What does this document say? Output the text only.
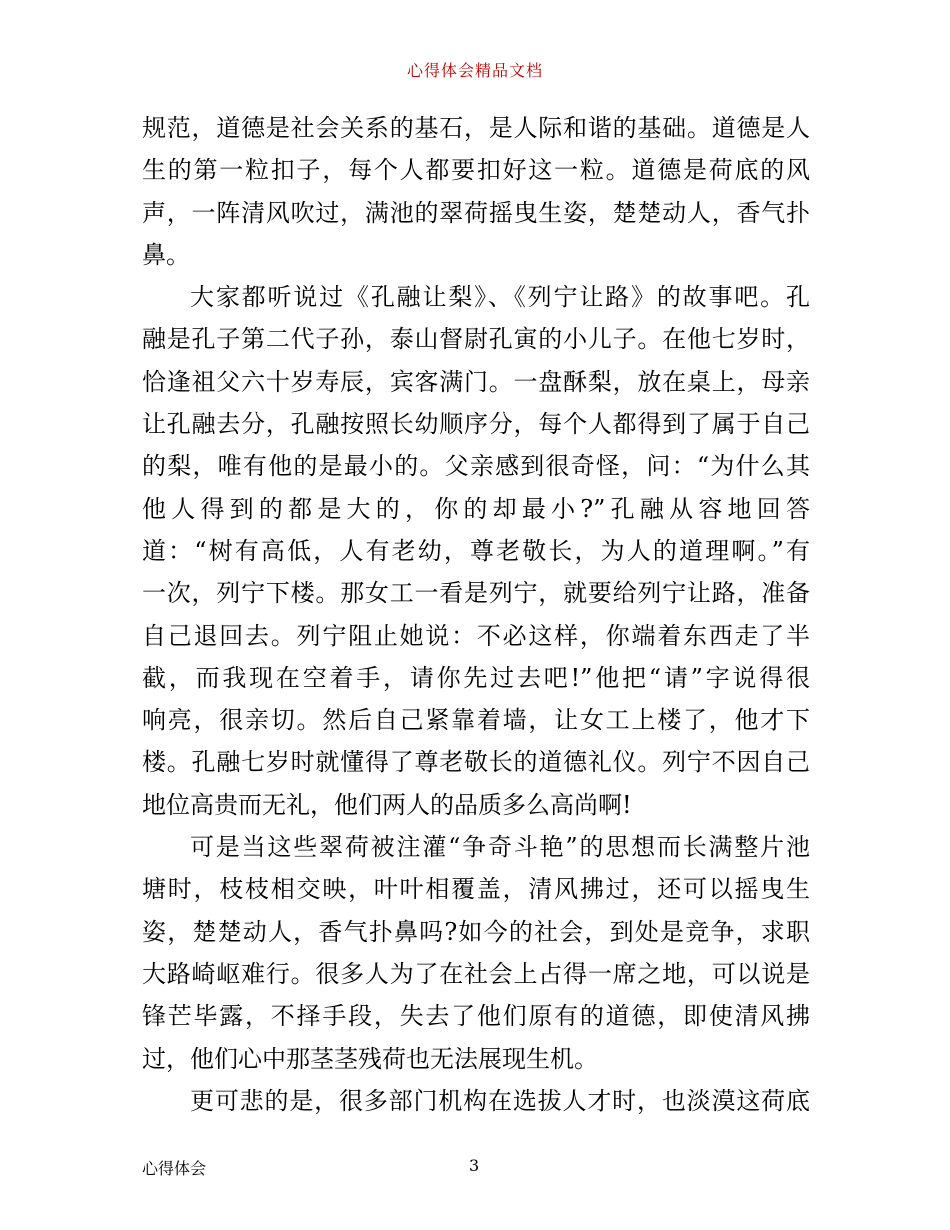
心得体会精品文档
规范，道德是社会关系的基石，是人际和谐的基础。道德是人
生的第一粒扣子，每个人都要扣好这一粒。道德是荷底的风
声，一阵清风吹过，满池的翠荷摇曳生姿，楚楚动人，香气扑
鼻。
大家都听说过《孔融让梨》、《列宁让路》的故事吧。孔
融是孔子第二代子孙，泰山督尉孔寅的小儿子。在他七岁时，
恰逢祖父六十岁寿辰，宾客满门。一盘酥梨，放在桌上，母亲
让孔融去分，孔融按照长幼顺序分，每个人都得到了属于自己
的梨，唯有他的是最小的。父亲感到很奇怪，问：“为什么其
他人得到的都是大的，你的却最小?”孔融从容地回答
道：“树有高低，人有老幼，尊老敬长，为人的道理啊。”有
一次，列宁下楼。那女工一看是列宁，就要给列宁让路，准备
自己退回去。列宁阻止她说：不必这样，你端着东西走了半
截，而我现在空着手，请你先过去吧!”他把“请”字说得很
响亮，很亲切。然后自己紧靠着墙，让女工上楼了，他才下
楼。孔融七岁时就懂得了尊老敬长的道德礼仪。列宁不因自己
地位高贵而无礼，他们两人的品质多么高尚啊!
可是当这些翠荷被注灌“争奇斗艳”的思想而长满整片池
塘时，枝枝相交映，叶叶相覆盖，清风拂过，还可以摇曳生
姿，楚楚动人，香气扑鼻吗?如今的社会，到处是竞争，求职
大路崎岖难行。很多人为了在社会上占得一席之地，可以说是
锋芒毕露，不择手段，失去了他们原有的道德，即使清风拂
过，他们心中那茎茎残荷也无法展现生机。
更可悲的是，很多部门机构在选拔人才时，也淡漠这荷底
心得体会	3
